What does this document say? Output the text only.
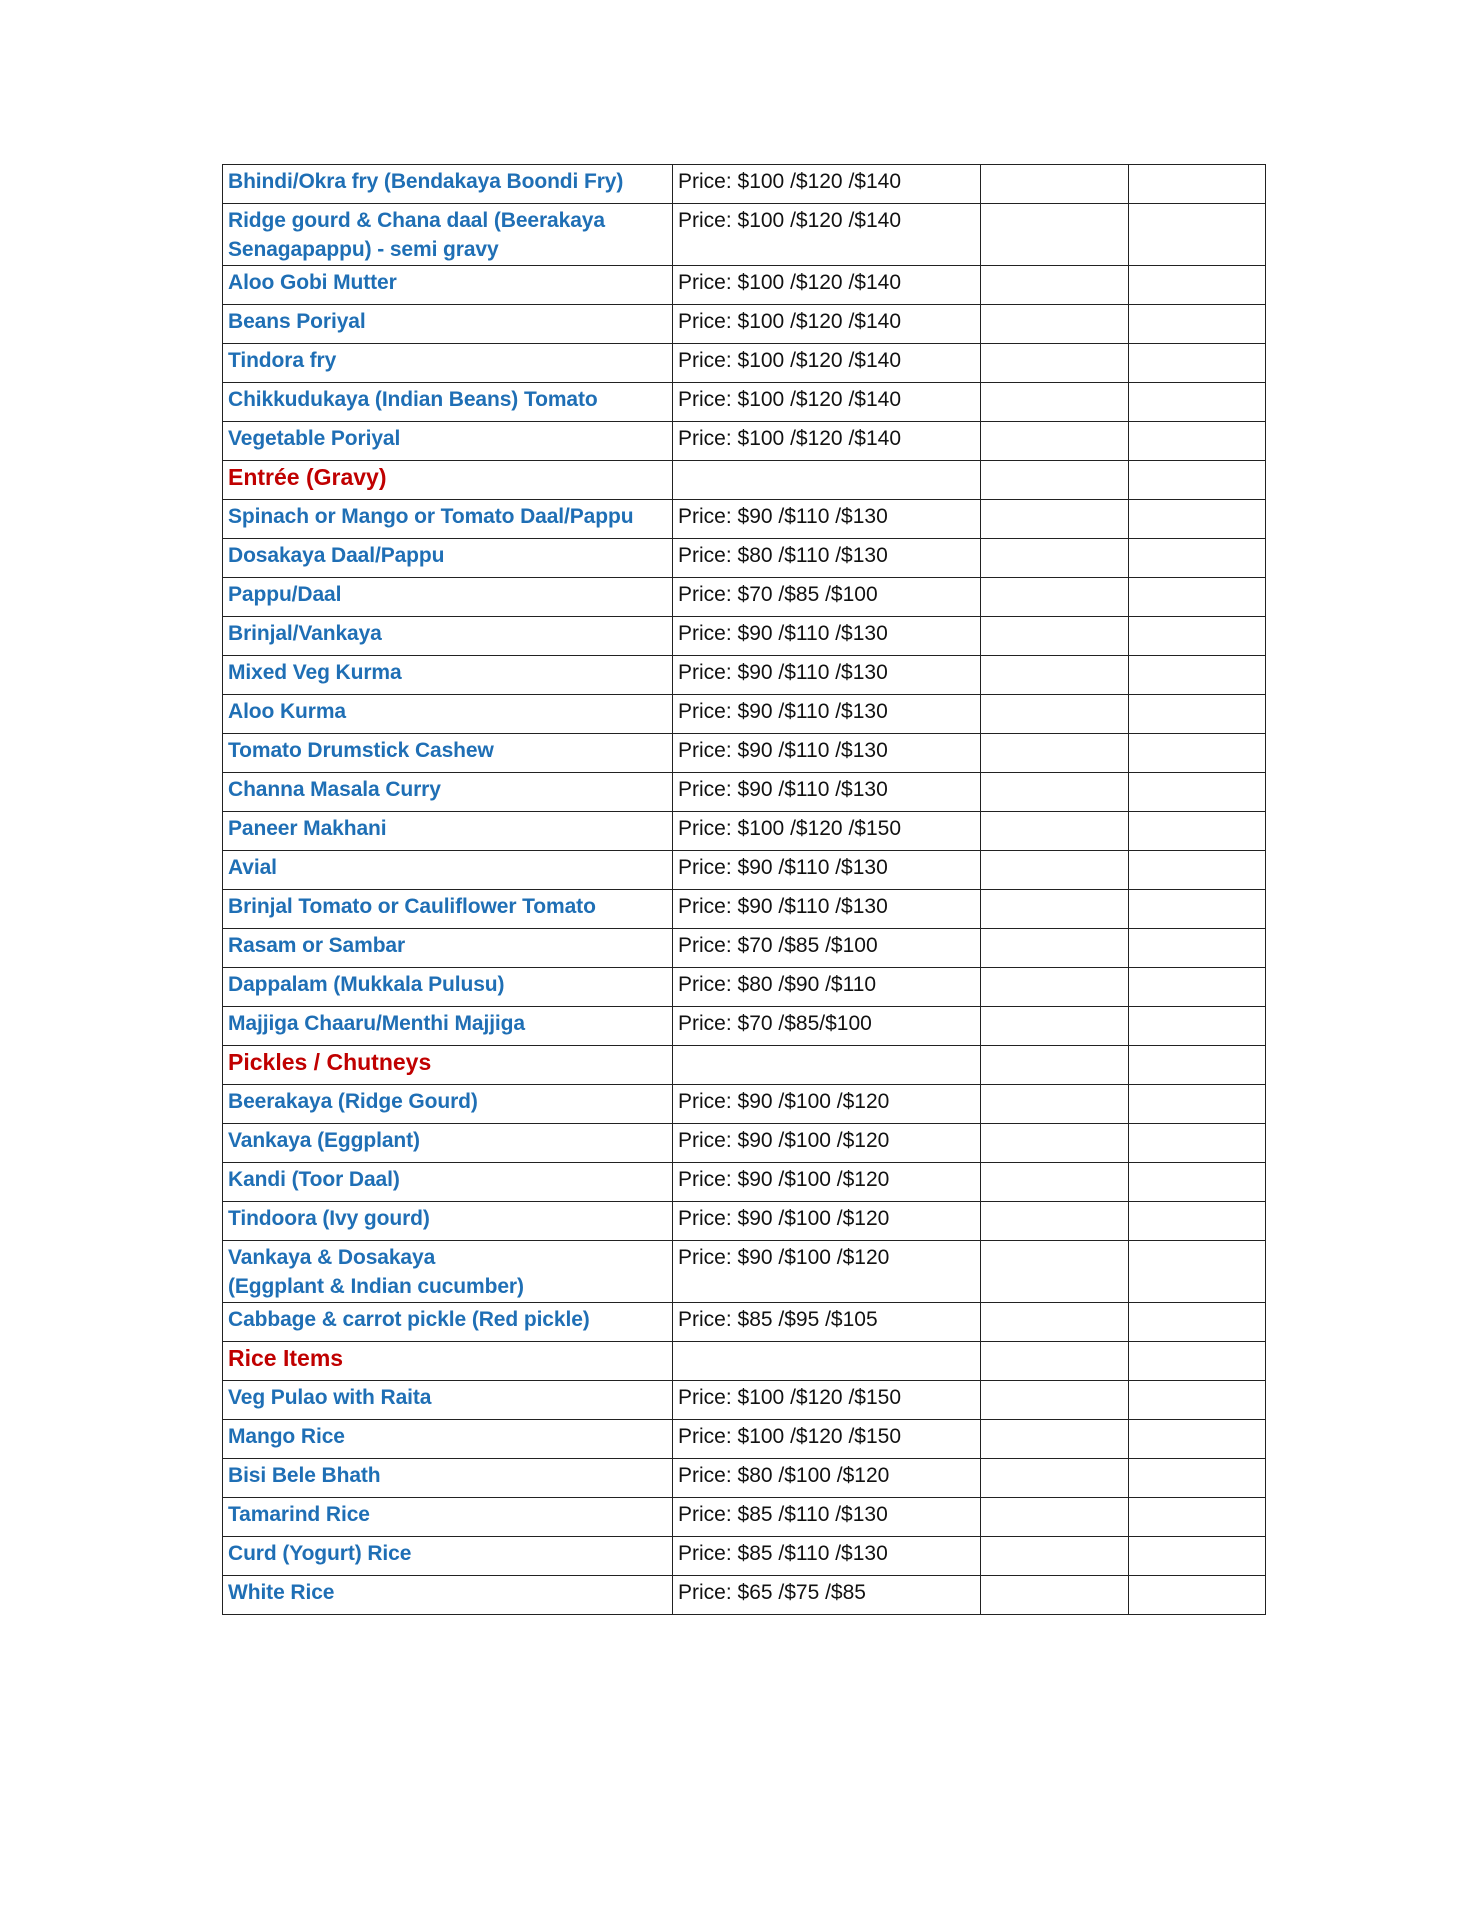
Bhindi/Okra fry (Bendakaya Boondi Fry)	Price: $100 /$120 /$140		
Ridge gourd & Chana daal (Beerakaya
Senagapappu) - semi gravy	Price: $100 /$120 /$140		
Aloo Gobi Mutter	Price: $100 /$120 /$140		
Beans Poriyal	Price: $100 /$120 /$140		
Tindora fry	Price: $100 /$120 /$140		
Chikkudukaya (Indian Beans) Tomato	Price: $100 /$120 /$140		
Vegetable Poriyal	Price: $100 /$120 /$140		
Entrée (Gravy)			
Spinach or Mango or Tomato Daal/Pappu	Price: $90 /$110 /$130		
Dosakaya Daal/Pappu	Price: $80 /$110 /$130		
Pappu/Daal	Price: $70 /$85 /$100		
Brinjal/Vankaya	Price: $90 /$110 /$130		
Mixed Veg Kurma	Price: $90 /$110 /$130		
Aloo Kurma	Price: $90 /$110 /$130		
Tomato Drumstick Cashew	Price: $90 /$110 /$130		
Channa Masala Curry	Price: $90 /$110 /$130		
Paneer Makhani	Price: $100 /$120 /$150		
Avial	Price: $90 /$110 /$130		
Brinjal Tomato or Cauliflower Tomato	Price: $90 /$110 /$130		
Rasam or Sambar	Price: $70 /$85 /$100		
Dappalam (Mukkala Pulusu)	Price: $80 /$90 /$110		
Majjiga Chaaru/Menthi Majjiga	Price: $70 /$85/$100		
Pickles / Chutneys			
Beerakaya (Ridge Gourd)	Price: $90 /$100 /$120		
Vankaya (Eggplant)	Price: $90 /$100 /$120		
Kandi (Toor Daal)	Price: $90 /$100 /$120		
Tindoora (Ivy gourd)	Price: $90 /$100 /$120		
Vankaya & Dosakaya
(Eggplant & Indian cucumber)	Price: $90 /$100 /$120		
Cabbage & carrot pickle (Red pickle)	Price: $85 /$95 /$105		
Rice Items			
Veg Pulao with Raita	Price: $100 /$120 /$150		
Mango Rice	Price: $100 /$120 /$150		
Bisi Bele Bhath	Price: $80 /$100 /$120		
Tamarind Rice	Price: $85 /$110 /$130		
Curd (Yogurt) Rice	Price: $85 /$110 /$130		
White Rice	Price: $65 /$75 /$85		
